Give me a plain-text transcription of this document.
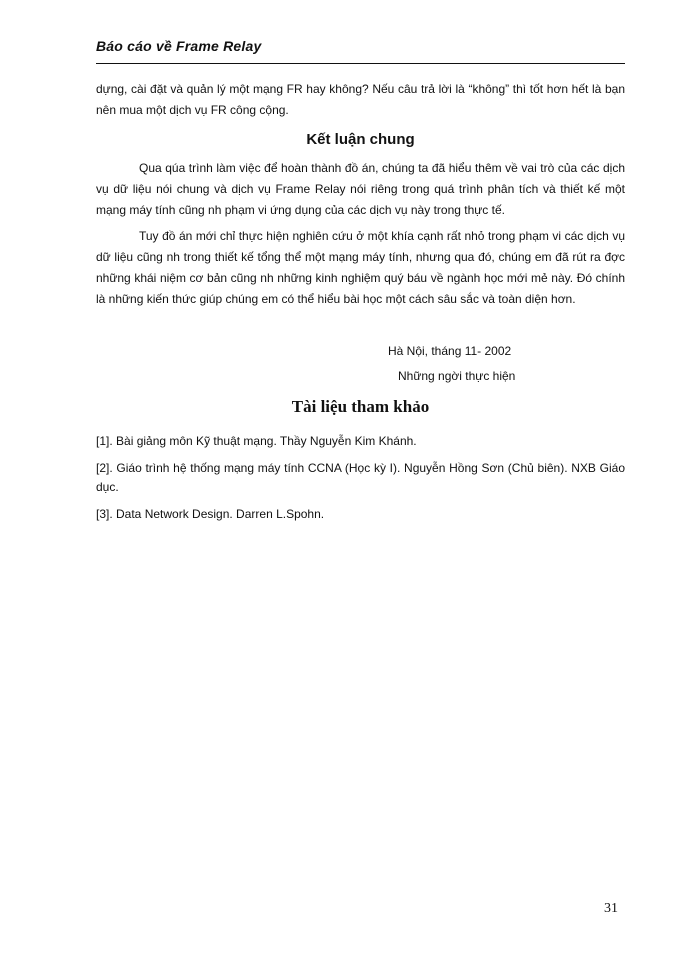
Báo cáo về Frame Relay

dựng, cài đặt và quản lý một mạng FR hay không? Nếu câu trả lời là “không” thì tốt hơn hết là bạn nên mua một dịch vụ FR công cộng.

Kết luận chung

Qua qúa trình làm việc để hoàn thành đồ án, chúng ta đã hiểu thêm về vai trò của các dịch vụ dữ liệu nói chung và dịch vụ Frame Relay nói riêng trong quá trình phân tích và thiết kế một mạng máy tính cũng nh phạm vi ứng dụng của các dịch vụ này trong thực tế.

Tuy đồ án mới chỉ thực hiện nghiên cứu ở một khía cạnh rất nhỏ trong phạm vi các dịch vụ dữ liệu cũng nh trong thiết kế tổng thể một mạng máy tính, nhưng qua đó, chúng em đã rút ra đợc những khái niệm cơ bản cũng nh những kinh nghiệm quý báu về ngành học mới mẻ này. Đó chính là những kiến thức giúp chúng em có thể hiểu bài học một cách sâu sắc và toàn diện hơn.

Hà Nội, tháng 11- 2002
Những ngời thực hiện
Tài liệu tham khảo
[1]. Bài giảng môn Kỹ thuật mạng. Thầy Nguyễn Kim Khánh.
[2]. Giáo trình hệ thống mạng máy tính CCNA (Học kỳ I). Nguyễn Hồng Sơn (Chủ biên). NXB Giáo dục.
[3]. Data Network Design. Darren L.Spohn.
31
